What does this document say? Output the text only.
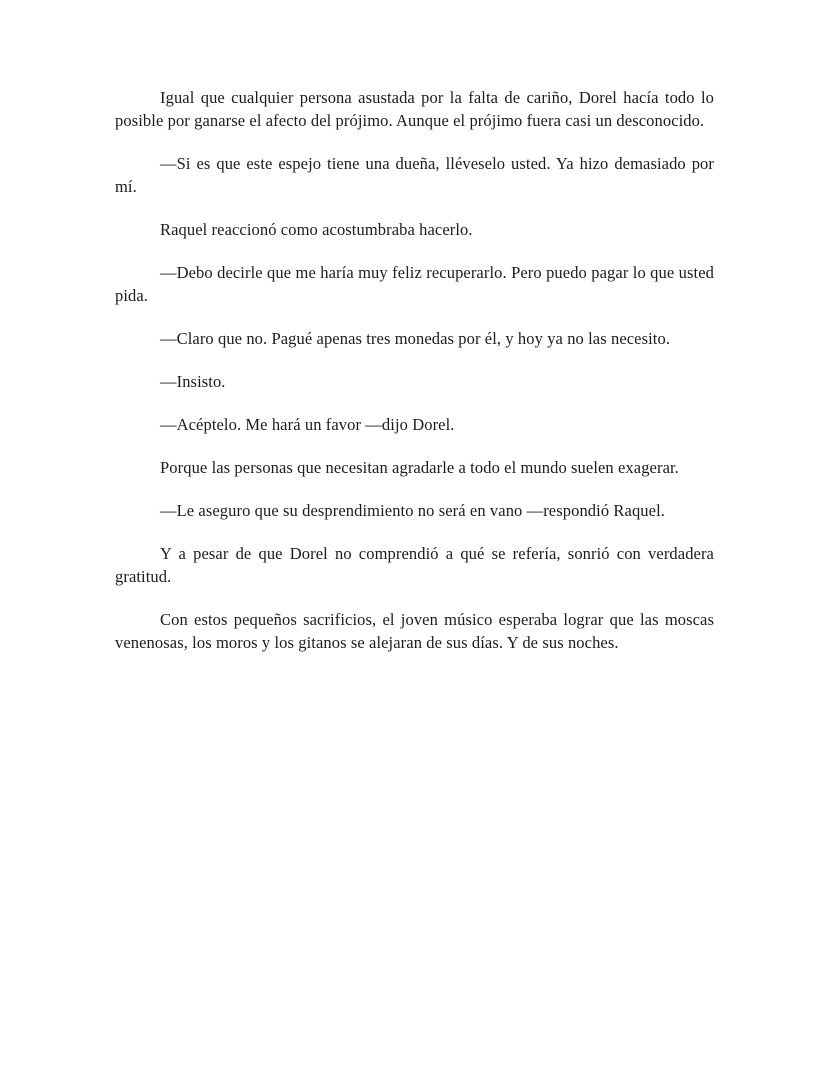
Igual que cualquier persona asustada por la falta de cariño, Dorel hacía todo lo posible por ganarse el afecto del prójimo. Aunque el prójimo fuera casi un desconocido.

—Si es que este espejo tiene una dueña, lléveselo usted. Ya hizo demasiado por mí.

Raquel reaccionó como acostumbraba hacerlo.

—Debo decirle que me haría muy feliz recuperarlo. Pero puedo pagar lo que usted pida.

—Claro que no. Pagué apenas tres monedas por él, y hoy ya no las necesito.

—Insisto.

—Acéptelo. Me hará un favor —dijo Dorel.

Porque las personas que necesitan agradarle a todo el mundo suelen exagerar.

—Le aseguro que su desprendimiento no será en vano —respondió Raquel.

Y a pesar de que Dorel no comprendió a qué se refería, sonrió con verdadera gratitud.

Con estos pequeños sacrificios, el joven músico esperaba lograr que las moscas venenosas, los moros y los gitanos se alejaran de sus días. Y de sus noches.
